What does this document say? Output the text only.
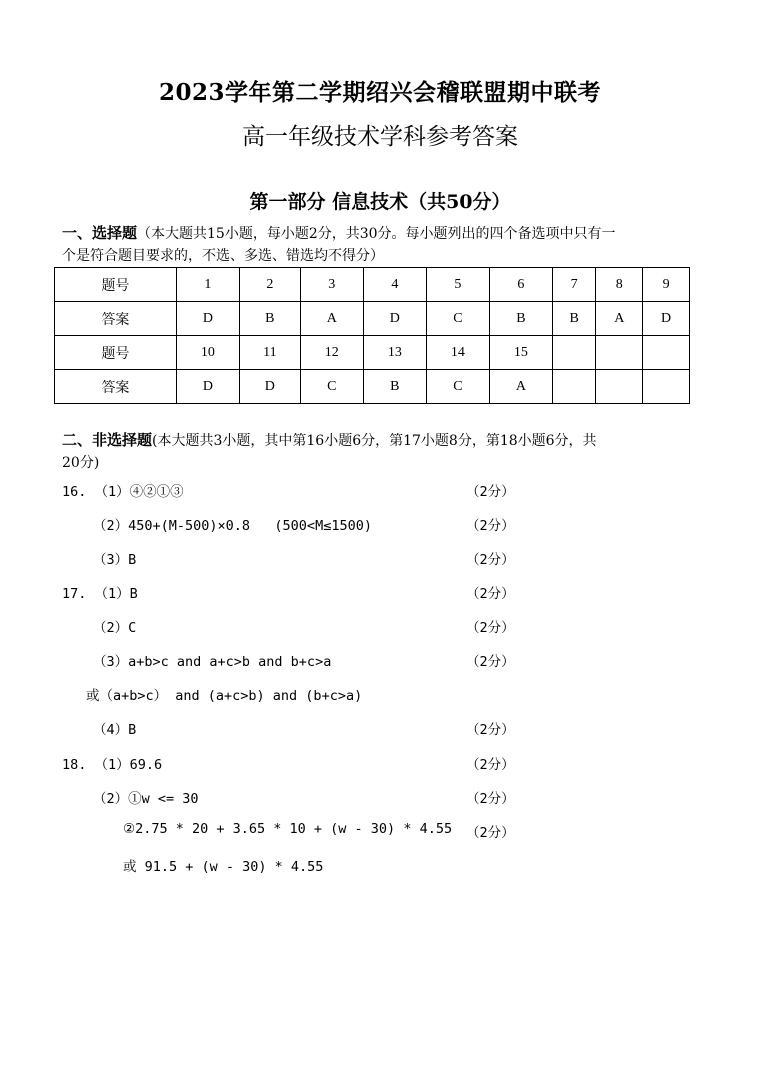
2023学年第二学期绍兴会稽联盟期中联考
高一年级技术学科参考答案
第一部分 信息技术（共50分）
一、选择题（本大题共15小题，每小题2分，共30分。每小题列出的四个备选项中只有一
个是符合题目要求的，不选、多选、错选均不得分）
题号	1	2	3	4	5	6	7	8	9
答案	D	B	A	D	C	B	B	A	D
题号	10	11	12	13	14	15			
答案	D	D	C	B	C	A			
二、非选择题(本大题共3小题，其中第16小题6分，第17小题8分，第18小题6分，共
20分)
16. （1）④②①③	（2分）
（2）450+(M-500)×0.8   (500<M≤1500)	（2分）
（3）B	（2分）
17. （1）B	（2分）
（2）C	（2分）
（3）a+b>c and a+c>b and b+c>a	（2分）
或（a+b>c） and (a+c>b) and (b+c>a)
（4）B	（2分）
18. （1）69.6	（2分）
（2）①w <= 30	（2分）
②2.75 * 20 + 3.65 * 10 + (w - 30) * 4.55 （2分）
或 91.5 + (w - 30) * 4.55
